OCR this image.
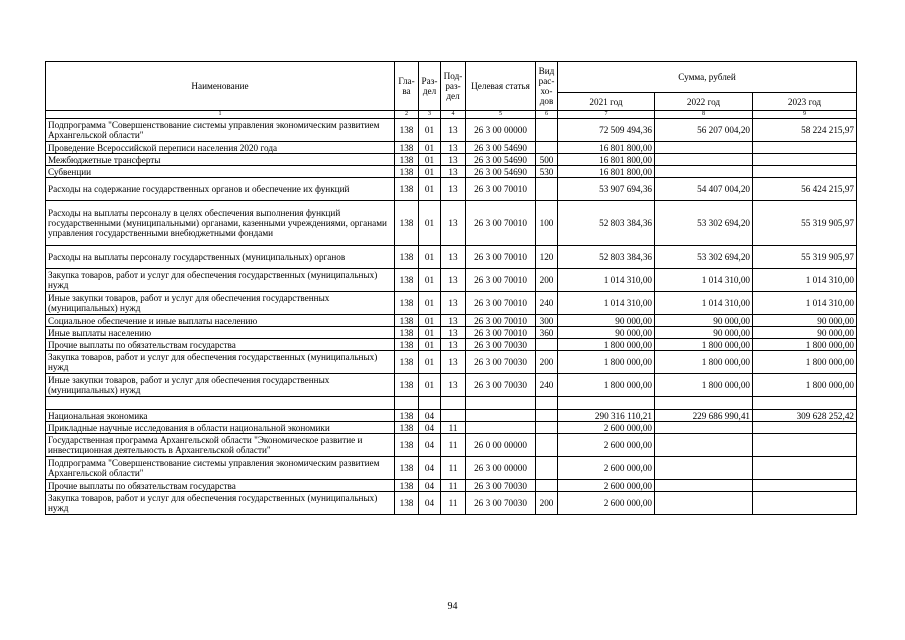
Наименование	Гла-ва	Раз-дел	Под-раз-дел	Целевая статья	Вид рас-хо-дов	Сумма, рублей		
						2021 год	2022 год	2023 год
1	2	3	4	5	6	7	8	9
Подпрограмма "Совершенствование системы управления экономическим развитием Архангельской области"	138	01	13	26 3 00 00000		72 509 494,36	56 207 004,20	58 224 215,97
Проведение Всероссийской переписи населения 2020 года	138	01	13	26 3 00 54690		16 801 800,00		
Межбюджетные трансферты	138	01	13	26 3 00 54690	500	16 801 800,00		
Субвенции	138	01	13	26 3 00 54690	530	16 801 800,00		
Расходы на содержание государственных органов и обеспечение их функций	138	01	13	26 3 00 70010		53 907 694,36	54 407 004,20	56 424 215,97
Расходы на выплаты персоналу в целях обеспечения выполнения функций государственными (муниципальными) органами, казенными учреждениями, органами управления государственными внебюджетными фондами	138	01	13	26 3 00 70010	100	52 803 384,36	53 302 694,20	55 319 905,97
Расходы на выплаты персоналу государственных (муниципальных) органов	138	01	13	26 3 00 70010	120	52 803 384,36	53 302 694,20	55 319 905,97
Закупка товаров, работ и услуг для обеспечения государственных (муниципальных) нужд	138	01	13	26 3 00 70010	200	1 014 310,00	1 014 310,00	1 014 310,00
Иные закупки товаров, работ и услуг для обеспечения государственных (муниципальных) нужд	138	01	13	26 3 00 70010	240	1 014 310,00	1 014 310,00	1 014 310,00
Социальное обеспечение и иные выплаты населению	138	01	13	26 3 00 70010	300	90 000,00	90 000,00	90 000,00
Иные выплаты населению	138	01	13	26 3 00 70010	360	90 000,00	90 000,00	90 000,00
Прочие выплаты по обязательствам государства	138	01	13	26 3 00 70030		1 800 000,00	1 800 000,00	1 800 000,00
Закупка товаров, работ и услуг для обеспечения государственных (муниципальных) нужд	138	01	13	26 3 00 70030	200	1 800 000,00	1 800 000,00	1 800 000,00
Иные закупки товаров, работ и услуг для обеспечения государственных (муниципальных) нужд	138	01	13	26 3 00 70030	240	1 800 000,00	1 800 000,00	1 800 000,00

Национальная экономика	138	04				290 316 110,21	229 686 990,41	309 628 252,42
Прикладные научные исследования в области национальной экономики	138	04	11			2 600 000,00		
Государственная программа Архангельской области "Экономическое развитие и инвестиционная деятельность в Архангельской области"	138	04	11	26 0 00 00000		2 600 000,00		
Подпрограмма "Совершенствование системы управления экономическим развитием Архангельской области"	138	04	11	26 3 00 00000		2 600 000,00		
Прочие выплаты по обязательствам государства	138	04	11	26 3 00 70030		2 600 000,00		
Закупка товаров, работ и услуг для обеспечения государственных (муниципальных) нужд	138	04	11	26 3 00 70030	200	2 600 000,00		
94
